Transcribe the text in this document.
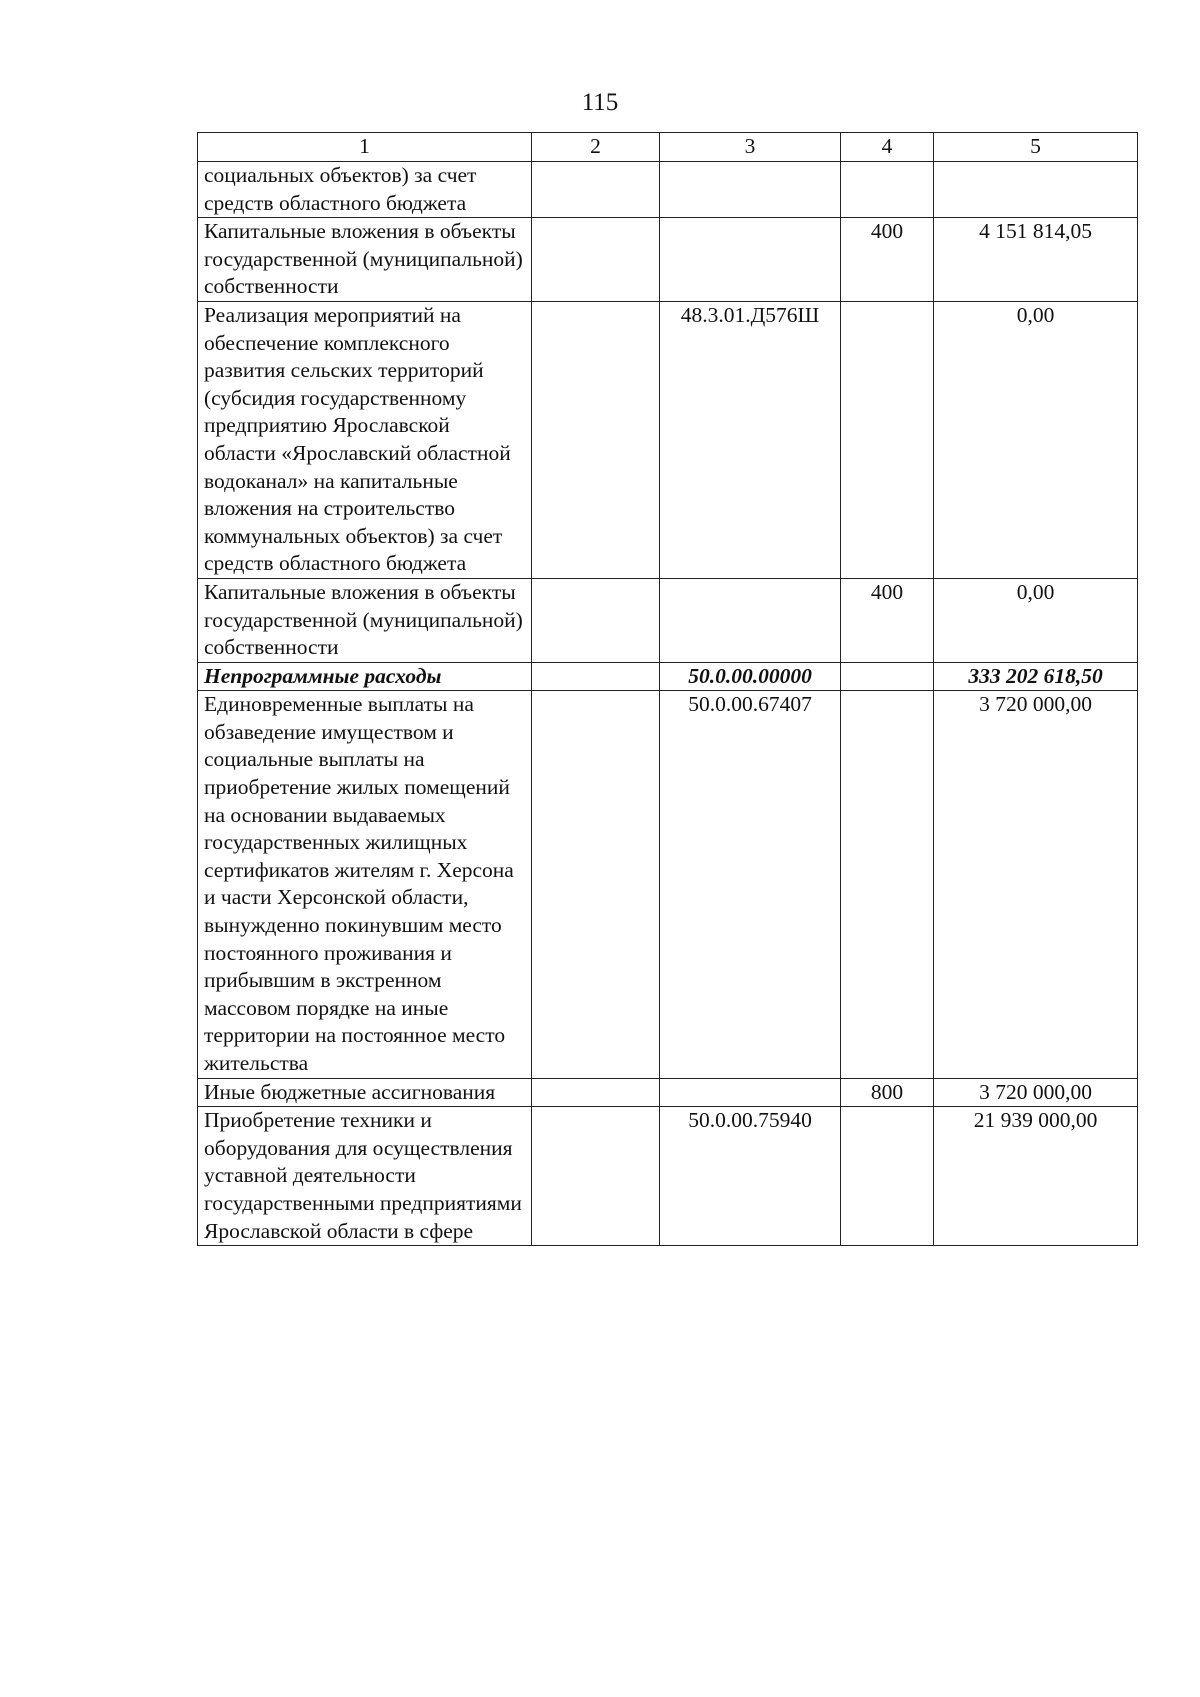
115
1	2	3	4	5
социальных объектов) за счет средств областного бюджета				
Капитальные вложения в объекты государственной (муниципальной) собственности			400	4 151 814,05
Реализация мероприятий на обеспечение комплексного развития сельских территорий (субсидия государственному предприятию Ярославской области «Ярославский областной водоканал» на капитальные вложения на строительство коммунальных объектов) за счет средств областного бюджета		48.3.01.Д576Ш		0,00
Капитальные вложения в объекты государственной (муниципальной) собственности			400	0,00
Непрограммные расходы		50.0.00.00000		333 202 618,50
Единовременные выплаты на обзаведение имуществом и социальные выплаты на приобретение жилых помещений на основании выдаваемых государственных жилищных сертификатов жителям г. Херсона и части Херсонской области, вынужденно покинувшим место постоянного проживания и прибывшим в экстренном массовом порядке на иные территории на постоянное место жительства		50.0.00.67407		3 720 000,00
Иные бюджетные ассигнования			800	3 720 000,00
Приобретение техники и оборудования для осуществления уставной деятельности государственными предприятиями Ярославской области в сфере		50.0.00.75940		21 939 000,00
